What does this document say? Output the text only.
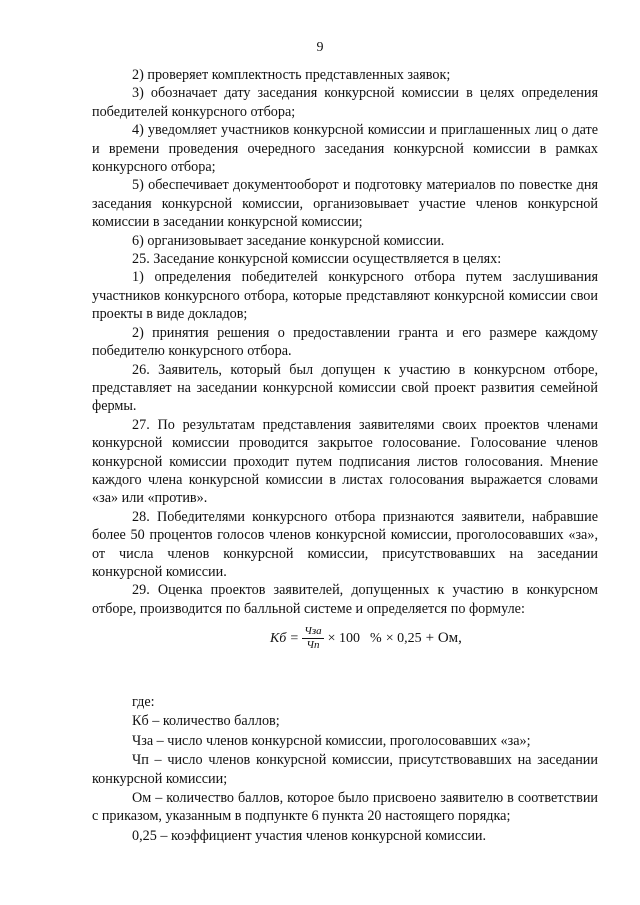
9

2) проверяет комплектность представленных заявок;

3) обозначает дату заседания конкурсной комиссии в целях определения победителей конкурсного отбора;

4) уведомляет участников конкурсной комиссии и приглашенных лиц о дате и времени проведения очередного заседания конкурсной комиссии в рамках конкурсного отбора;

5) обеспечивает документооборот и подготовку материалов по повестке дня заседания конкурсной комиссии, организовывает участие членов конкурсной комиссии в заседании конкурсной комиссии;

6) организовывает заседание конкурсной комиссии.

25. Заседание конкурсной комиссии осуществляется в целях:

1) определения победителей конкурсного отбора путем заслушивания участников конкурсного отбора, которые представляют конкурсной комиссии свои проекты в виде докладов;

2) принятия решения о предоставлении гранта и его размере каждому победителю конкурсного отбора.

26. Заявитель, который был допущен к участию в конкурсном отборе, представляет на заседании конкурсной комиссии свой проект развития семейной фермы.

27. По результатам представления заявителями своих проектов членами конкурсной комиссии проводится закрытое голосование. Голосование членов конкурсной комиссии проходит путем подписания листов голосования. Мнение каждого члена конкурсной комиссии в листах голосования выражается словами «за» или «против».

28. Победителями конкурсного отбора признаются заявители, набравшие более 50 процентов голосов членов конкурсной комиссии, проголосовавших «за», от числа членов конкурсной комиссии, присутствовавших на заседании конкурсной комиссии.

29. Оценка проектов заявителей, допущенных к участию в конкурсном отборе, производится по балльной системе и определяется по формуле:

Кб = $\frac{\text{Чза}}{Чп} \times 100$ % × 0,25 + Ом,

где:

Кб – количество баллов;

Чза – число членов конкурсной комиссии, проголосовавших «за»;

Чп – число членов конкурсной комиссии, присутствовавших на заседании конкурсной комиссии;

Ом – количество баллов, которое было присвоено заявителю в соответствии с приказом, указанным в подпункте 6 пункта 20 настоящего порядка;

0,25 – коэффициент участия членов конкурсной комиссии.
